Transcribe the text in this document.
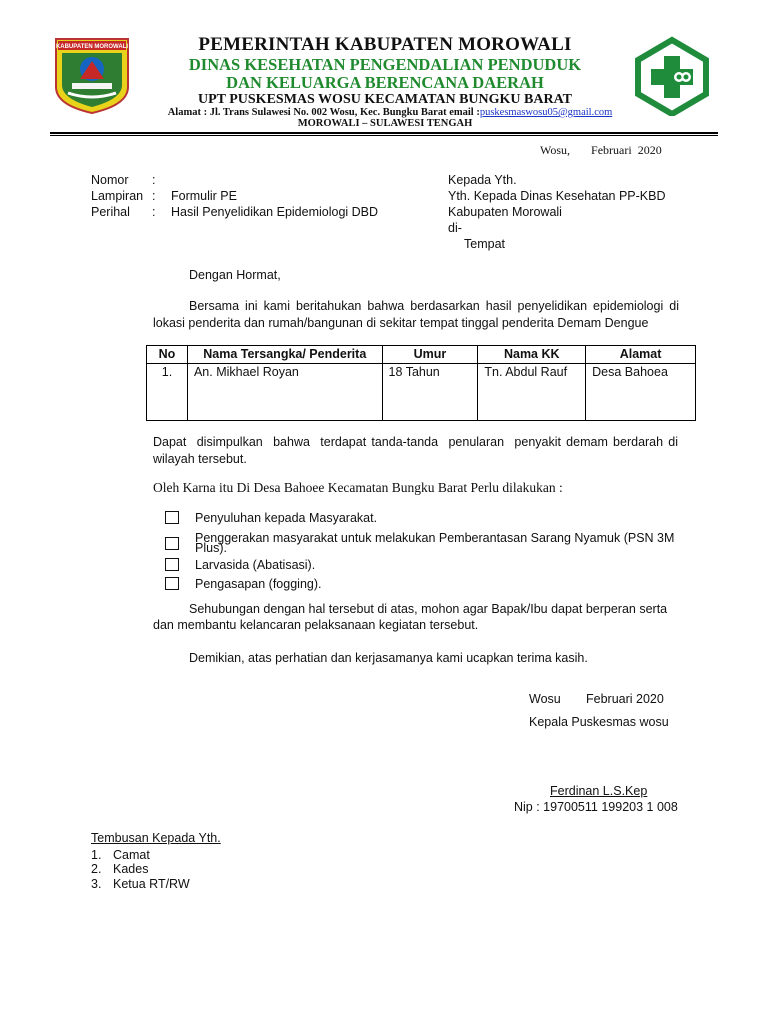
KABUPATEN MOROWALI	PEMERINTAH KABUPATEN MOROWALI
DINAS KESEHATAN PENGENDALIAN PENDUDUK
DAN KELUARGA BERENCANA DAERAH
UPT PUSKESMAS WOSU KECAMATAN BUNGKU BARAT
Alamat : Jl. Trans Sulawesi No. 002 Wosu, Kec. Bungku Barat email :puskesmaswosu05@gmail.com
MOROWALI – SULAWESI TENGAH
Wosu,       Februari  2020
Nomor :
Lampiran : Formulir PE
Perihal : Hasil Penyelidikan Epidemiologi DBD
Kepada Yth.
Yth. Kepada Dinas Kesehatan PP-KBD
Kabupaten Morowali
di-
Tempat
Dengan Hormat,
Bersama ini kami beritahukan bahwa berdasarkan hasil penyelidikan epidemiologi di
lokasi penderita dan rumah/bangunan di sekitar tempat tinggal penderita Demam Dengue
No	Nama Tersangka/ Penderita	Umur	Nama KK	Alamat
1.	An. Mikhael Royan	18 Tahun	Tn. Abdul Rauf	Desa Bahoea
Dapat  disimpulkan  bahwa  terdapat tanda-tanda  penularan  penyakit demam berdarah di
wilayah tersebut.
Oleh Karna itu Di Desa Bahoee Kecamatan Bungku Barat Perlu dilakukan :
Penyuluhan kepada Masyarakat.
Penggerakan masyarakat untuk melakukan Pemberantasan Sarang Nyamuk (PSN 3M
Plus).
Larvasida (Abatisasi).
Pengasapan (fogging).
Sehubungan dengan hal tersebut di atas, mohon agar Bapak/Ibu dapat berperan serta
dan membantu kelancaran pelaksanaan kegiatan tersebut.
Demikian, atas perhatian dan kerjasamanya kami ucapkan terima kasih.
Wosu Februari 2020
Kepala Puskesmas wosu
Ferdinan L.S.Kep
Nip : 19700511 199203 1 008
Tembusan Kepada Yth.
1. Camat
2. Kades
3. Ketua RT/RW
